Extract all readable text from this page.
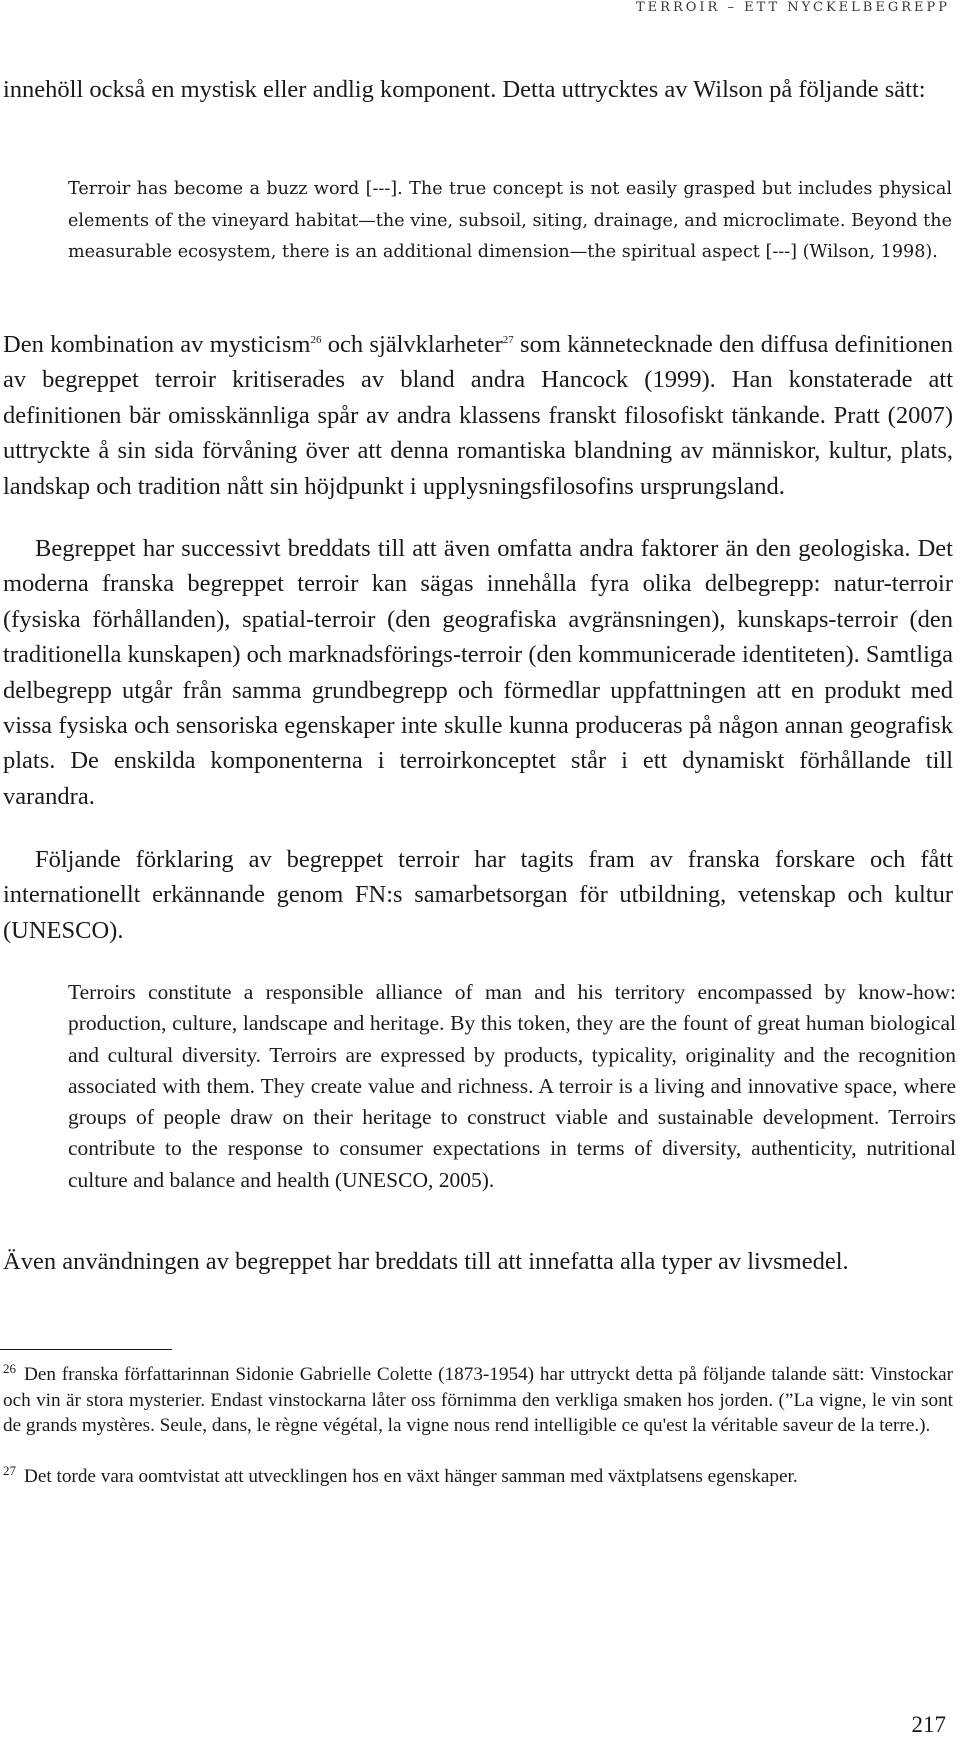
TERROIR – ETT NYCKELBEGREPP

innehöll också en mystisk eller andlig komponent. Detta uttrycktes av Wilson på följande sätt:

Terroir has become a buzz word [---]. The true concept is not easily grasped but includes physical elements of the vineyard habitat—the vine, subsoil, siting, drainage, and microclimate. Beyond the measurable ecosystem, there is an additional dimension—the spiritual aspect [---] (Wilson, 1998).

Den kombination av mysticism$^{26}$ och självklarheter$^{27}$ som kännetecknade den diffusa definitionen av begreppet terroir kritiserades av bland andra Hancock (1999). Han konstaterade att definitionen bär omisskännliga spår av andra klassens franskt filosofiskt tänkande. Pratt (2007) uttryckte å sin sida förvåning över att denna romantiska blandning av människor, kultur, plats, landskap och tradition nått sin höjdpunkt i upplysningsfilosofins ursprungsland.

Begreppet har successivt breddats till att även omfatta andra faktorer än den geologiska. Det moderna franska begreppet terroir kan sägas innehålla fyra olika delbegrepp: natur-terroir (fysiska förhållanden), spatial-terroir (den geografiska avgränsningen), kunskaps-terroir (den traditionella kunskapen) och marknadsförings-terroir (den kommunicerade identiteten). Samtliga delbegrepp utgår från samma grundbegrepp och förmedlar uppfattningen att en produkt med vissa fysiska och sensoriska egenskaper inte skulle kunna produceras på någon annan geografisk plats. De enskilda komponenterna i terroirkonceptet står i ett dynamiskt förhållande till varandra.

Följande förklaring av begreppet terroir har tagits fram av franska forskare och fått internationellt erkännande genom FN:s samarbetsorgan för utbildning, vetenskap och kultur (UNESCO).

Terroirs constitute a responsible alliance of man and his territory encompassed by know-how: production, culture, landscape and heritage. By this token, they are the fount of great human biological and cultural diversity. Terroirs are expressed by products, typicality, originality and the recognition associated with them. They create value and richness. A terroir is a living and innovative space, where groups of people draw on their heritage to construct viable and sustainable development. Terroirs contribute to the response to consumer expectations in terms of diversity, authenticity, nutritional culture and balance and health (UNESCO, 2005).

Även användningen av begreppet har breddats till att innefatta alla typer av livsmedel.

$^{26}$ Den franska författarinnan Sidonie Gabrielle Colette (1873-1954) har uttryckt detta på följande talande sätt: Vinstockar och vin är stora mysterier. Endast vinstockarna låter oss förnimma den verkliga smaken hos jorden. (”La vigne, le vin sont de grands mystères. Seule, dans, le règne végétal, la vigne nous rend intelligible ce qu'est la véritable saveur de la terre.).

$^{27}$ Det torde vara oomtvistat att utvecklingen hos en växt hänger samman med växtplatsens egenskaper.

217
